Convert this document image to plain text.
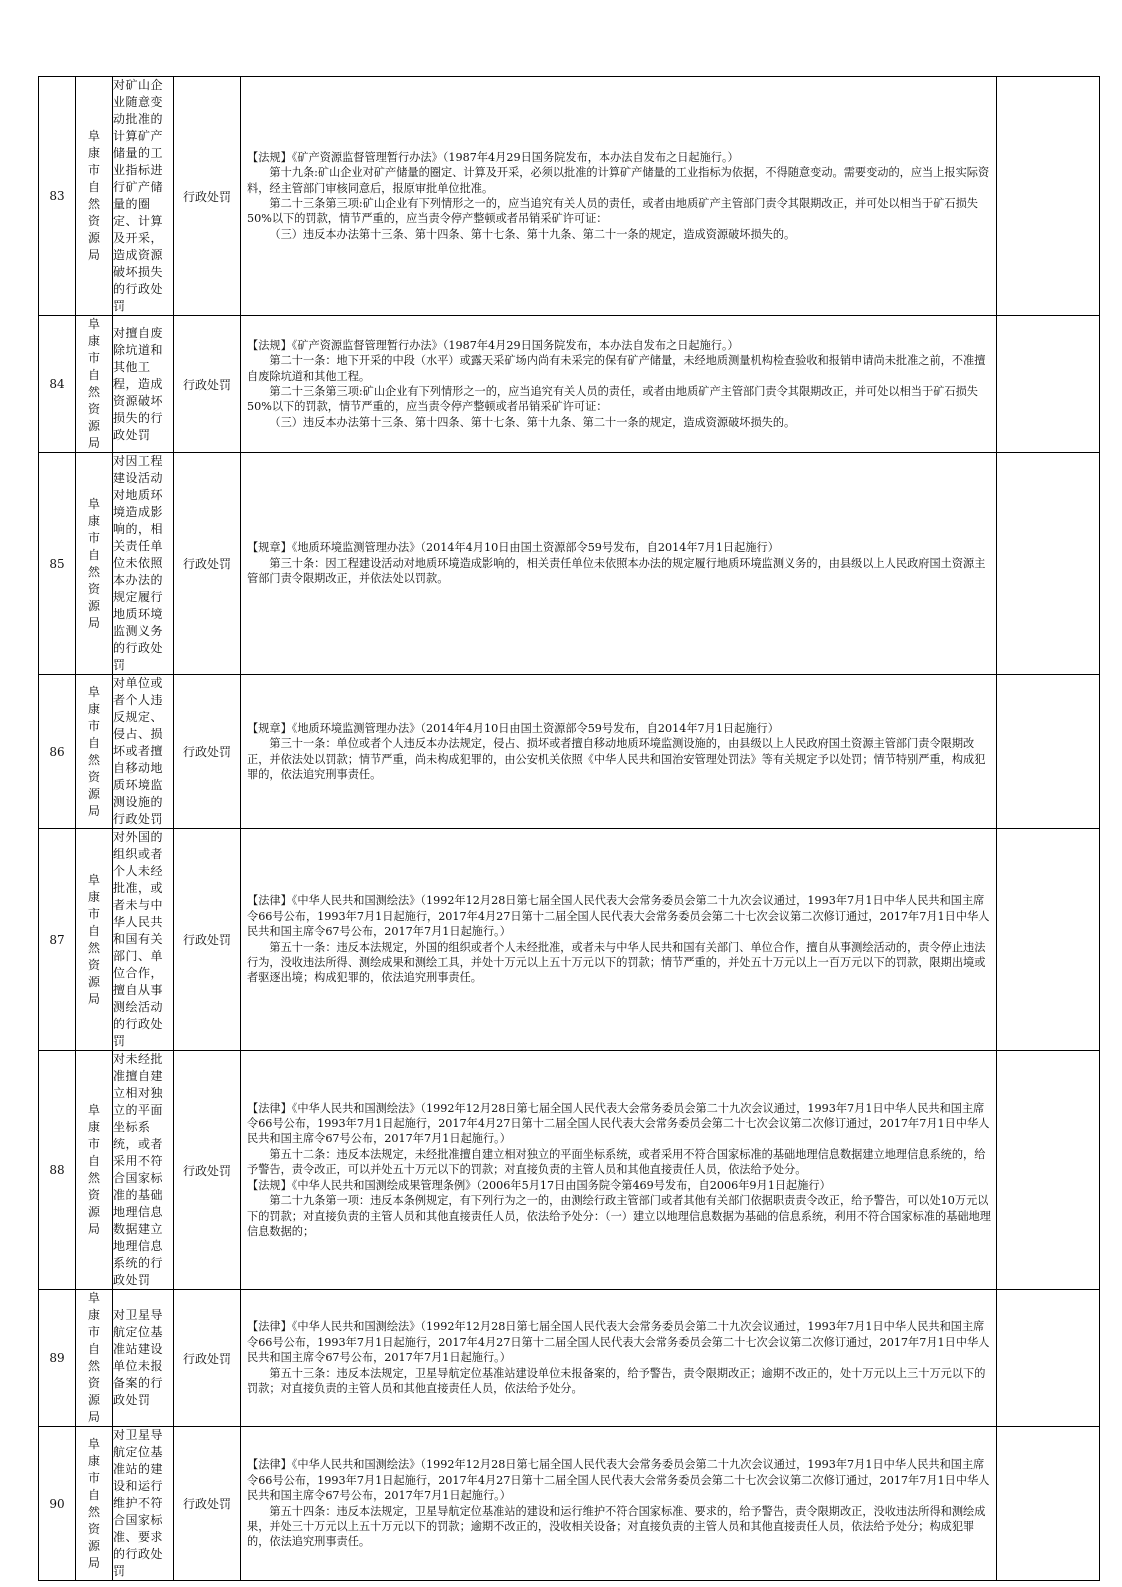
83	阜康市自然资源局	对矿山企业随意变动批准的计算矿产储量的工业指标进行矿产储量的圈定、计算及开采，造成资源破坏损失的行政处罚	行政处罚	【法规】《矿产资源监督管理暂行办法》（1987年4月29日国务院发布，本办法自发布之日起施行。）

第十九条:矿山企业对矿产储量的圈定、计算及开采，必须以批准的计算矿产储量的工业指标为依据，不得随意变动。需要变动的，应当上报实际资料，经主管部门审核同意后，报原审批单位批准。

第二十三条第三项:矿山企业有下列情形之一的，应当追究有关人员的责任，或者由地质矿产主管部门责令其限期改正，并可处以相当于矿石损失50%以下的罚款，情节严重的，应当责令停产整顿或者吊销采矿许可证：

（三）违反本办法第十三条、第十四条、第十七条、第十九条、第二十一条的规定，造成资源破坏损失的。	

84	阜康市自然资源局	对擅自废除坑道和其他工程，造成资源破坏损失的行政处罚	行政处罚	【法规】《矿产资源监督管理暂行办法》（1987年4月29日国务院发布，本办法自发布之日起施行。）

第二十一条：地下开采的中段（水平）或露天采矿场内尚有未采完的保有矿产储量，未经地质测量机构检查验收和报销申请尚未批准之前，不准擅自废除坑道和其他工程。

第二十三条第三项:矿山企业有下列情形之一的，应当追究有关人员的责任，或者由地质矿产主管部门责令其限期改正，并可处以相当于矿石损失50%以下的罚款，情节严重的，应当责令停产整顿或者吊销采矿许可证：

（三）违反本办法第十三条、第十四条、第十七条、第十九条、第二十一条的规定，造成资源破坏损失的。	

85	阜康市自然资源局	对因工程建设活动对地质环境造成影响的，相关责任单位未依照本办法的规定履行地质环境监测义务的行政处罚	行政处罚	【规章】《地质环境监测管理办法》（2014年4月10日由国土资源部令59号发布，自2014年7月1日起施行）

第三十条：因工程建设活动对地质环境造成影响的，相关责任单位未依照本办法的规定履行地质环境监测义务的，由县级以上人民政府国土资源主管部门责令限期改正，并依法处以罚款。	

86	阜康市自然资源局	对单位或者个人违反规定、侵占、损坏或者擅自移动地质环境监测设施的行政处罚	行政处罚	【规章】《地质环境监测管理办法》（2014年4月10日由国土资源部令59号发布，自2014年7月1日起施行）

第三十一条：单位或者个人违反本办法规定，侵占、损坏或者擅自移动地质环境监测设施的，由县级以上人民政府国土资源主管部门责令限期改正，并依法处以罚款；情节严重，尚未构成犯罪的，由公安机关依照《中华人民共和国治安管理处罚法》等有关规定予以处罚；情节特别严重，构成犯罪的，依法追究刑事责任。	

87	阜康市自然资源局	对外国的组织或者个人未经批准，或者未与中华人民共和国有关部门、单位合作，擅自从事测绘活动的行政处罚	行政处罚	【法律】《中华人民共和国测绘法》（1992年12月28日第七届全国人民代表大会常务委员会第二十九次会议通过，1993年7月1日中华人民共和国主席令66号公布，1993年7月1日起施行，2017年4月27日第十二届全国人民代表大会常务委员会第二十七次会议第二次修订通过，2017年7月1日中华人民共和国主席令67号公布，2017年7月1日起施行。）

第五十一条：违反本法规定，外国的组织或者个人未经批准，或者未与中华人民共和国有关部门、单位合作，擅自从事测绘活动的，责令停止违法行为，没收违法所得、测绘成果和测绘工具，并处十万元以上五十万元以下的罚款；情节严重的，并处五十万元以上一百万元以下的罚款，限期出境或者驱逐出境；构成犯罪的，依法追究刑事责任。	

88	阜康市自然资源局	对未经批准擅自建立相对独立的平面坐标系统，或者采用不符合国家标准的基础地理信息数据建立地理信息系统的行政处罚	行政处罚	【法律】《中华人民共和国测绘法》（1992年12月28日第七届全国人民代表大会常务委员会第二十九次会议通过，1993年7月1日中华人民共和国主席令66号公布，1993年7月1日起施行，2017年4月27日第十二届全国人民代表大会常务委员会第二十七次会议第二次修订通过，2017年7月1日中华人民共和国主席令67号公布，2017年7月1日起施行。）

第五十二条：违反本法规定，未经批准擅自建立相对独立的平面坐标系统，或者采用不符合国家标准的基础地理信息数据建立地理信息系统的，给予警告，责令改正，可以并处五十万元以下的罚款；对直接负责的主管人员和其他直接责任人员，依法给予处分。

【法规】《中华人民共和国测绘成果管理条例》（2006年5月17日由国务院令第469号发布，自2006年9月1日起施行）

第二十九条第一项：违反本条例规定，有下列行为之一的，由测绘行政主管部门或者其他有关部门依据职责责令改正，给予警告，可以处10万元以下的罚款；对直接负责的主管人员和其他直接责任人员，依法给予处分：（一）建立以地理信息数据为基础的信息系统，利用不符合国家标准的基础地理信息数据的；	

89	阜康市自然资源局	对卫星导航定位基准站建设单位未报备案的行政处罚	行政处罚	【法律】《中华人民共和国测绘法》（1992年12月28日第七届全国人民代表大会常务委员会第二十九次会议通过，1993年7月1日中华人民共和国主席令66号公布，1993年7月1日起施行，2017年4月27日第十二届全国人民代表大会常务委员会第二十七次会议第二次修订通过，2017年7月1日中华人民共和国主席令67号公布，2017年7月1日起施行。）

第五十三条：违反本法规定，卫星导航定位基准站建设单位未报备案的，给予警告，责令限期改正；逾期不改正的，处十万元以上三十万元以下的罚款；对直接负责的主管人员和其他直接责任人员，依法给予处分。	

90	阜康市自然资源局	对卫星导航定位基准站的建设和运行维护不符合国家标准、要求的行政处罚	行政处罚	【法律】《中华人民共和国测绘法》（1992年12月28日第七届全国人民代表大会常务委员会第二十九次会议通过，1993年7月1日中华人民共和国主席令66号公布，1993年7月1日起施行，2017年4月27日第十二届全国人民代表大会常务委员会第二十七次会议第二次修订通过，2017年7月1日中华人民共和国主席令67号公布，2017年7月1日起施行。）

第五十四条：违反本法规定，卫星导航定位基准站的建设和运行维护不符合国家标准、要求的，给予警告，责令限期改正，没收违法所得和测绘成果，并处三十万元以上五十万元以下的罚款；逾期不改正的，没收相关设备；对直接负责的主管人员和其他直接责任人员，依法给予处分；构成犯罪的，依法追究刑事责任。	
